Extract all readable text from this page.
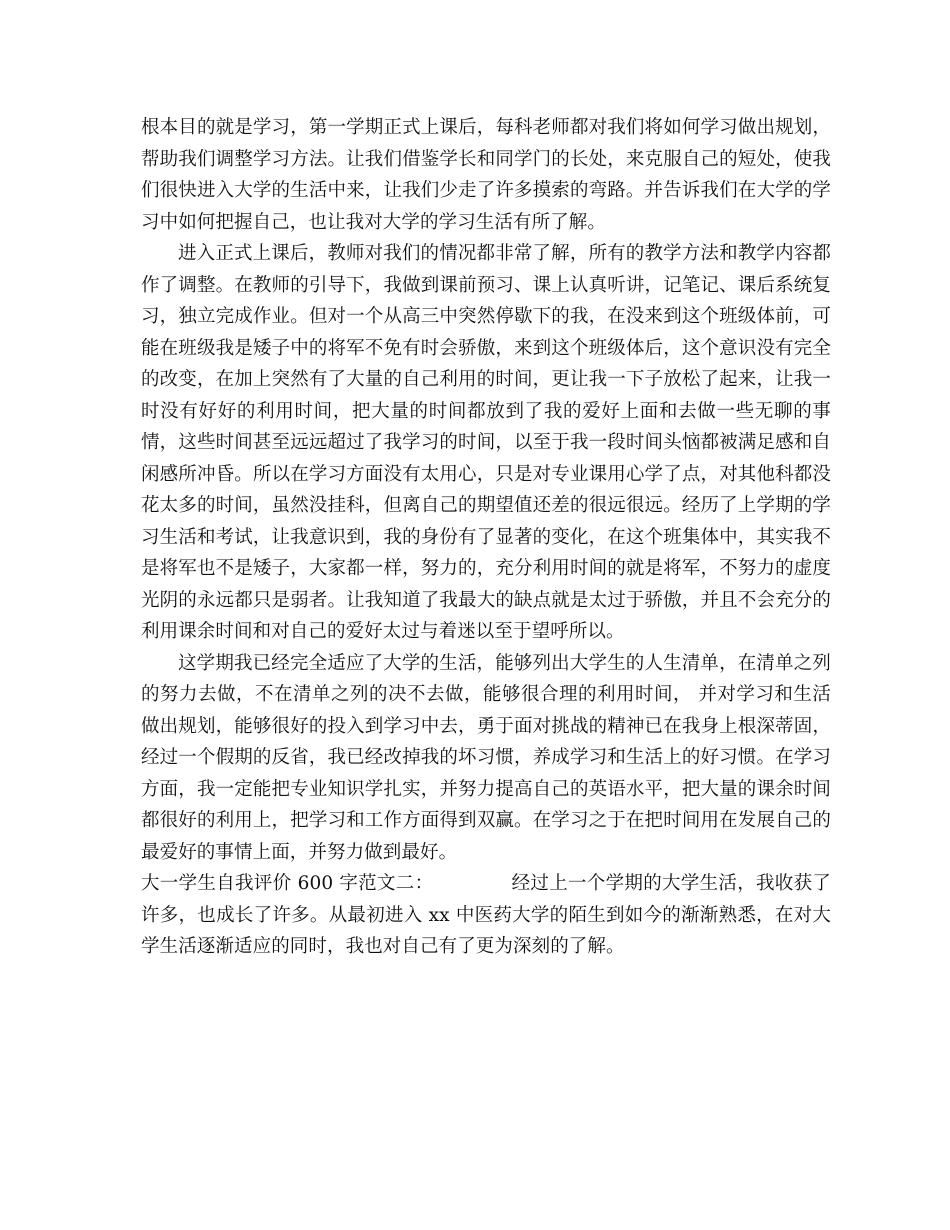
根本目的就是学习，第一学期正式上课后，每科老师都对我们将如何学习做出规划，帮助我们调整学习方法。让我们借鉴学长和同学门的长处，来克服自己的短处，使我们很快进入大学的生活中来，让我们少走了许多摸索的弯路。并告诉我们在大学的学习中如何把握自己，也让我对大学的学习生活有所了解。

进入正式上课后，教师对我们的情况都非常了解，所有的教学方法和教学内容都作了调整。在教师的引导下，我做到课前预习、课上认真听讲，记笔记、课后系统复习，独立完成作业。但对一个从高三中突然停歇下的我，在没来到这个班级体前，可能在班级我是矮子中的将军不免有时会骄傲，来到这个班级体后，这个意识没有完全的改变，在加上突然有了大量的自己利用的时间，更让我一下子放松了起来，让我一时没有好好的利用时间，把大量的时间都放到了我的爱好上面和去做一些无聊的事情，这些时间甚至远远超过了我学习的时间，以至于我一段时间头恼都被满足感和自闲感所冲昏。所以在学习方面没有太用心，只是对专业课用心学了点，对其他科都没花太多的时间，虽然没挂科，但离自己的期望值还差的很远很远。经历了上学期的学习生活和考试，让我意识到，我的身份有了显著的变化，在这个班集体中，其实我不是将军也不是矮子，大家都一样，努力的，充分利用时间的就是将军，不努力的虚度光阴的永远都只是弱者。让我知道了我最大的缺点就是太过于骄傲，并且不会充分的利用课余时间和对自己的爱好太过与着迷以至于望呼所以。

这学期我已经完全适应了大学的生活，能够列出大学生的人生清单，在清单之列的努力去做，不在清单之列的决不去做，能够很合理的利用时间， 并对学习和生活做出规划，能够很好的投入到学习中去，勇于面对挑战的精神已在我身上根深蒂固，经过一个假期的反省，我已经改掉我的坏习惯，养成学习和生活上的好习惯。在学习方面，我一定能把专业知识学扎实，并努力提高自己的英语水平，把大量的课余时间都很好的利用上，把学习和工作方面得到双赢。在学习之于在把时间用在发展自己的最爱好的事情上面，并努力做到最好。

大一学生自我评价 600 字范文二：	经过上一个学期的大学生活，我收获了许多，也成长了许多。从最初进入 xx 中医药大学的陌生到如今的渐渐熟悉，在对大学生活逐渐适应的同时，我也对自己有了更为深刻的了解。
